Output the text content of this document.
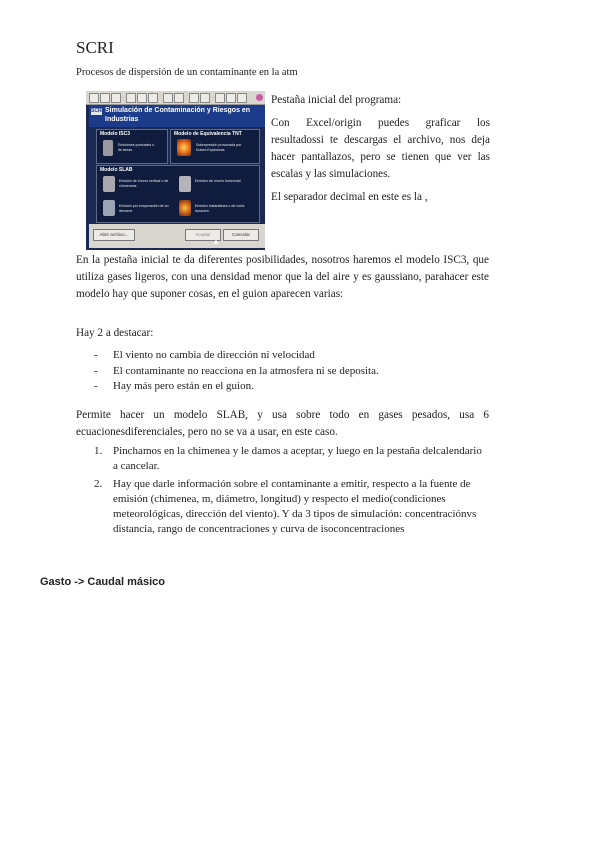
SCRI
Procesos de dispersión de un contaminante en la atm
SCRI Simulación de Contaminación y Riesgos en Industrias
Modelo ISC3
Emisiones puntuales o de áreas
Modelo de Equivalencia TNT
Sobrepresión provocada por Nubes Explosivas
Modelo SLAB
Emisión de chorro vertical o de chimeneas
Emisión de chorro horizontal
Emisión por evaporación de un derrame
Emisión instantánea o de corta duración
Abrir archivo...	Aceptar	Cancelar
▲
Pestaña inicial del programa:
Con Excel/origin puedes graficar los resultadossi te descargas el archivo, nos deja hacer pantallazos, pero se tienen que ver las escalas y las simulaciones.
El separador decimal en este es la ,
En la pestaña inicial te da diferentes posibilidades, nosotros haremos el modelo ISC3, que utiliza gases ligeros, con una densidad menor que la del aire y es gaussiano, parahacer este modelo hay que suponer cosas, en el guion aparecen varias:
Hay 2 a destacar:
- El viento no cambia de dirección ni velocidad
- El contaminante no reacciona en la atmosfera ni se deposita.
- Hay más pero están en el guion.
Permite hacer un modelo SLAB, y usa sobre todo en gases pesados, usa 6 ecuacionesdiferenciales, pero no se va a usar, en este caso.
1. Pinchamos en la chimenea y le damos a aceptar, y luego en la pestaña delcalendario a cancelar.
2. Hay que darle información sobre el contaminante a emitir, respecto a la fuente de emisión (chimenea, m, diámetro, longitud) y respecto el medio(condiciones meteorológicas, dirección del viento). Y da 3 tipos de simulación: concentraciónvs distancia, rango de concentraciones y curva de isoconcentraciones
Gasto -> Caudal másico
